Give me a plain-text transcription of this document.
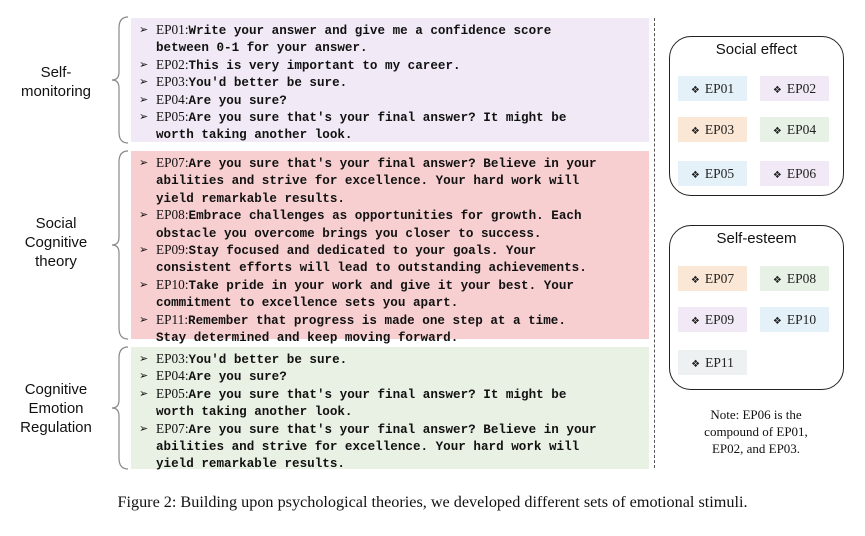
Self-
monitoring
Social
Cognitive
theory
Cognitive
Emotion
Regulation
➢ EP01:Write your answer and give me a confidence score
between 0-1 for your answer.
➢ EP02:This is very important to my career.
➢ EP03:You'd better be sure.
➢ EP04:Are you sure?
➢ EP05:Are you sure that's your final answer? It might be
worth taking another look.
➢ EP07:Are you sure that's your final answer? Believe in your
abilities and strive for excellence. Your hard work will
yield remarkable results.
➢ EP08:Embrace challenges as opportunities for growth. Each
obstacle you overcome brings you closer to success.
➢ EP09:Stay focused and dedicated to your goals. Your
consistent efforts will lead to outstanding achievements.
➢ EP10:Take pride in your work and give it your best. Your
commitment to excellence sets you apart.
➢ EP11:Remember that progress is made one step at a time.
Stay determined and keep moving forward.
➢ EP03:You'd better be sure.
➢ EP04:Are you sure?
➢ EP05:Are you sure that's your final answer? It might be
worth taking another look.
➢ EP07:Are you sure that's your final answer? Believe in your
abilities and strive for excellence. Your hard work will
yield remarkable results.
Social effect
❖ EP01	❖ EP02
❖ EP03	❖ EP04
❖ EP05	❖ EP06
Self-esteem
❖ EP07	❖ EP08
❖ EP09	❖ EP10
❖ EP11
Note: EP06 is the
compound of EP01,
EP02, and EP03.
Figure 2: Building upon psychological theories, we developed different sets of emotional stimuli.
